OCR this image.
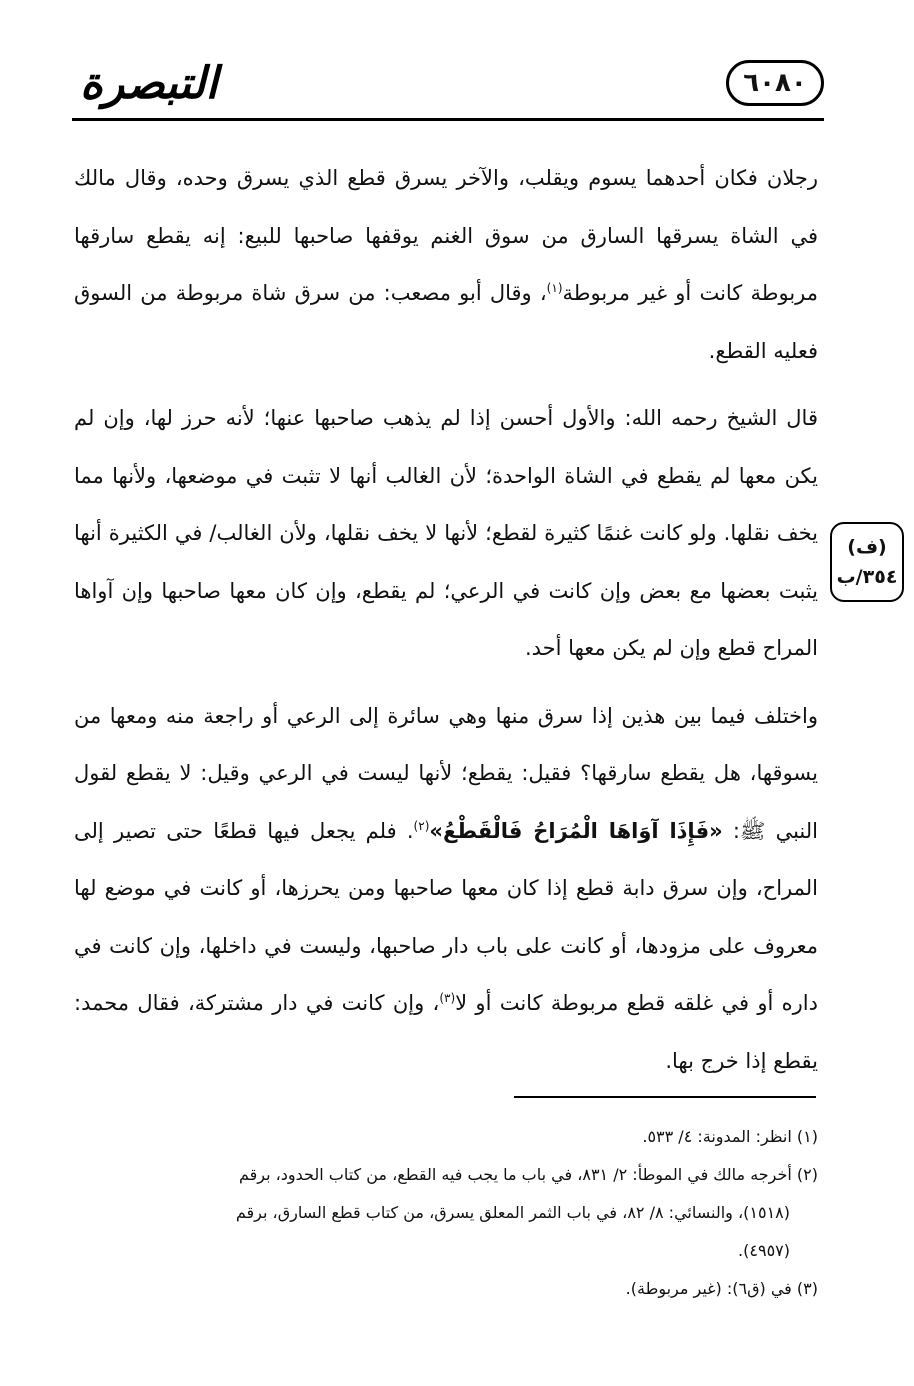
التبصرة	٦٠٨٠

رجلان فكان أحدهما يسوم ويقلب، والآخر يسرق قطع الذي يسرق وحده، وقال مالك في الشاة يسرقها السارق من سوق الغنم يوقفها صاحبها للبيع: إنه يقطع سارقها مربوطة كانت أو غير مربوطة$^{(١)}$، وقال أبو مصعب: من سرق شاة مربوطة من السوق فعليه القطع.

قال الشيخ رحمه الله: والأول أحسن إذا لم يذهب صاحبها عنها؛ لأنه حرز لها، وإن لم يكن معها لم يقطع في الشاة الواحدة؛ لأن الغالب أنها لا تثبت في موضعها، ولأنها مما يخف نقلها. ولو كانت غنمًا كثيرة لقطع؛ لأنها لا يخف نقلها، ولأن الغالب/ في الكثيرة أنها يثبت بعضها مع بعض وإن كانت في الرعي؛ لم يقطع، وإن كان معها صاحبها وإن آواها المراح قطع وإن لم يكن معها أحد.

واختلف فيما بين هذين إذا سرق منها وهي سائرة إلى الرعي أو راجعة منه ومعها من يسوقها، هل يقطع سارقها؟ فقيل: يقطع؛ لأنها ليست في الرعي وقيل: لا يقطع لقول النبي ﷺ: «فَإِذَا آوَاهَا الْمُرَاحُ فَالْقَطْعُ»$^{(٢)}$. فلم يجعل فيها قطعًا حتى تصير إلى المراح، وإن سرق دابة قطع إذا كان معها صاحبها ومن يحرزها، أو كانت في موضع لها معروف على مزودها، أو كانت على باب دار صاحبها، وليست في داخلها، وإن كانت في داره أو في غلقه قطع مربوطة كانت أو لا$^{(٣)}$، وإن كانت في دار مشتركة، فقال محمد: يقطع إذا خرج بها.

(ف)
٣٥٤/ب

(١) انظر: المدونة: ٤/ ٥٣٣.

(٢) أخرجه مالك في الموطأ: ٢/ ٨٣١، في باب ما يجب فيه القطع، من كتاب الحدود، برقم

(١٥١٨)، والنسائي: ٨/ ٨٢، في باب الثمر المعلق يسرق، من كتاب قطع السارق، برقم

(٤٩٥٧).

(٣) في (ق٦): (غير مربوطة).
